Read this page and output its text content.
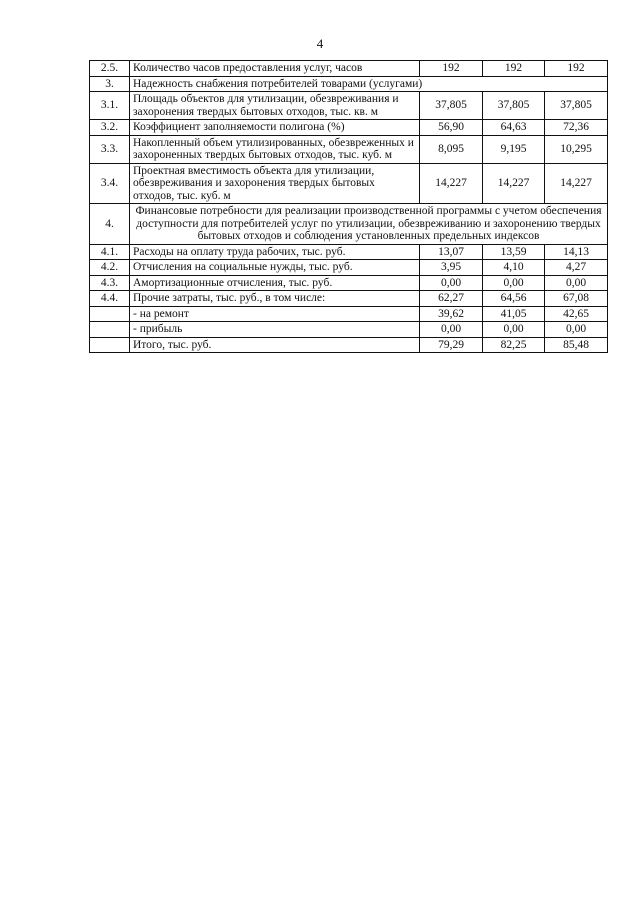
4
2.5.	Количество часов предоставления услуг, часов	192	192	192
3.	Надежность снабжения потребителей товарами (услугами)			
3.1.	Площадь объектов для утилизации, обезвреживания и захоронения твердых бытовых отходов, тыс. кв. м	37,805	37,805	37,805
3.2.	Коэффициент заполняемости полигона (%)	56,90	64,63	72,36
3.3.	Накопленный объем утилизированных, обезвреженных и захороненных твердых бытовых отходов, тыс. куб. м	8,095	9,195	10,295
3.4.	Проектная вместимость объекта для утилизации, обезвреживания и захоронения твердых бытовых отходов, тыс. куб. м	14,227	14,227	14,227
4.	Финансовые потребности для реализации производственной программы с учетом обеспечения доступности для потребителей услуг по утилизации, обезвреживанию и захоронению твердых бытовых отходов и соблюдения установленных предельных индексов			
4.1.	Расходы на оплату труда рабочих, тыс. руб.	13,07	13,59	14,13
4.2.	Отчисления на социальные нужды, тыс. руб.	3,95	4,10	4,27
4.3.	Амортизационные отчисления, тыс. руб.	0,00	0,00	0,00
4.4.	Прочие затраты, тыс. руб., в том числе:	62,27	64,56	67,08
	- на ремонт	39,62	41,05	42,65
	- прибыль	0,00	0,00	0,00
	Итого, тыс. руб.	79,29	82,25	85,48
